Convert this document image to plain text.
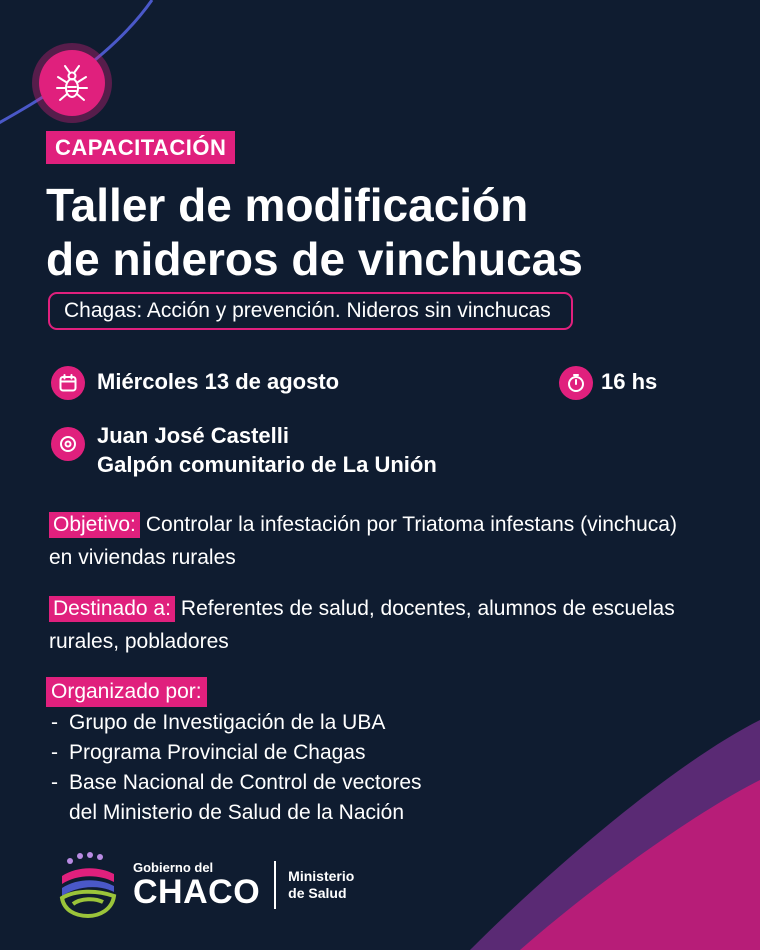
CAPACITACIÓN
Taller de modificación
de nideros de vinchucas
Chagas: Acción y prevención. Nideros sin vinchucas
Miércoles 13 de agosto	16 hs
Juan José Castelli
Galpón comunitario de La Unión
Objetivo: Controlar la infestación por Triatoma infestans (vinchuca) en viviendas rurales
Destinado a: Referentes de salud, docentes, alumnos de escuelas rurales, pobladores
Organizado por:
- Grupo de Investigación de la UBA
- Programa Provincial de Chagas
- Base Nacional de Control de vectores
del Ministerio de Salud de la Nación
Gobierno del
CHACO Ministerio
de Salud
